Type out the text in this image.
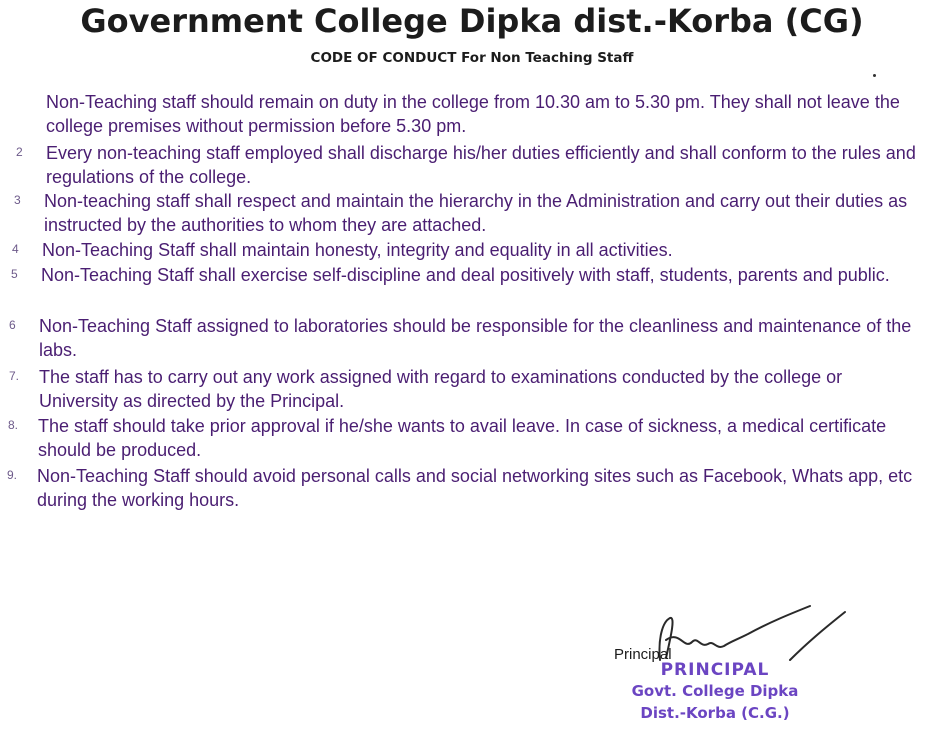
Government College Dipka dist.-Korba (CG)
CODE OF CONDUCT For Non Teaching Staff
Non-Teaching staff should remain on duty in the college from 10.30 am to 5.30 pm. They shall not leave the college premises without permission before 5.30 pm.
2	Every non-teaching staff employed shall discharge his/her duties efficiently and shall conform to the rules and regulations of the college.
3	Non-teaching staff shall respect and maintain the hierarchy in the Administration and carry out their duties as instructed by the authorities to whom they are attached.
4	Non-Teaching Staff shall maintain honesty, integrity and equality in all activities.
5	Non-Teaching Staff shall exercise self-discipline and deal positively with staff, students, parents and public.
6	Non-Teaching Staff assigned to laboratories should be responsible for the cleanliness and maintenance of the labs.
7.	The staff has to carry out any work assigned with regard to examinations conducted by the college or University as directed by the Principal.
8.	The staff should take prior approval if he/she wants to avail leave. In case of sickness, a medical certificate should be produced.
9.	Non-Teaching Staff should avoid personal calls and social networking sites such as Facebook, Whats app, etc during the working hours.
Principal
PRINCIPAL
Govt. College Dipka
Dist.-Korba (C.G.)
